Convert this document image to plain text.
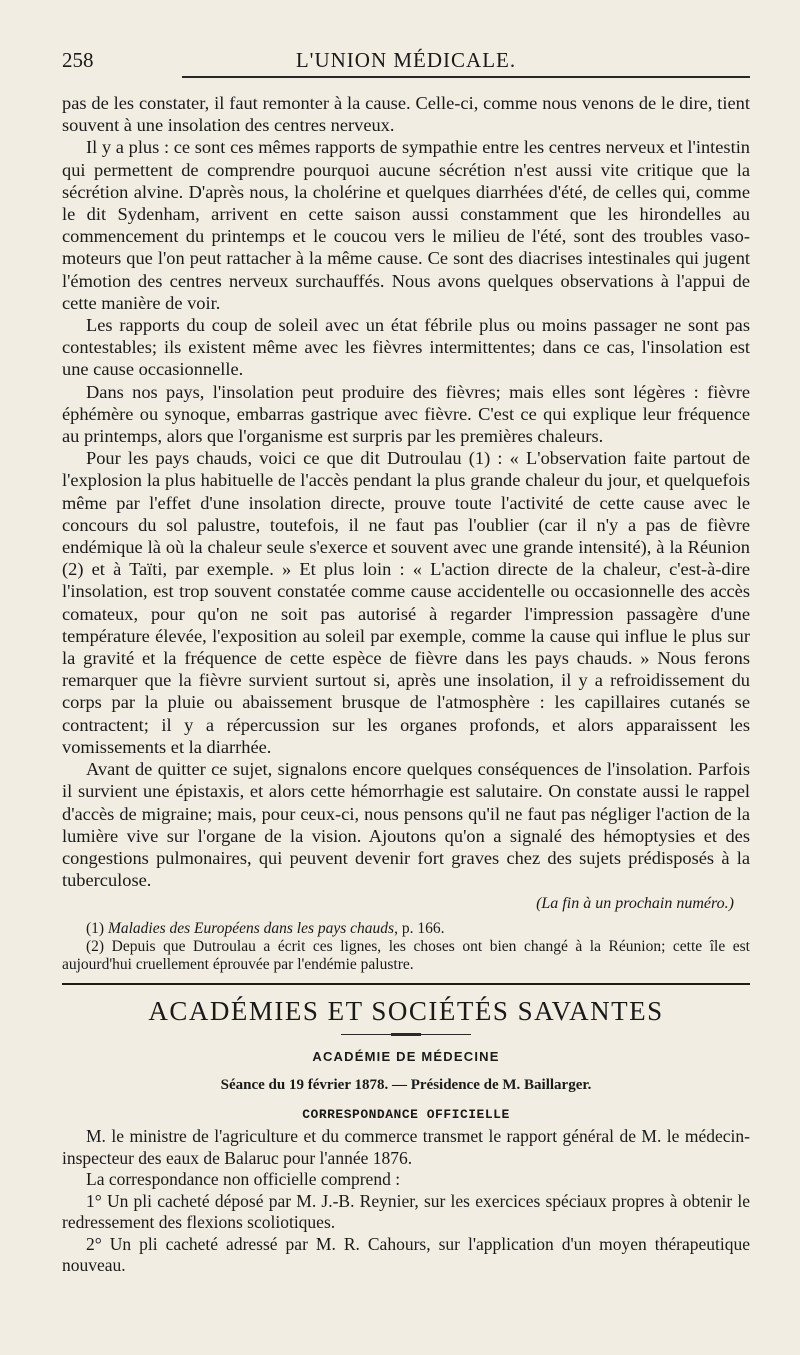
258	L'UNION MÉDICALE.

pas de les constater, il faut remonter à la cause. Celle-ci, comme nous venons de le dire, tient souvent à une insolation des centres nerveux.

Il y a plus : ce sont ces mêmes rapports de sympathie entre les centres nerveux et l'intestin qui permettent de comprendre pourquoi aucune sécrétion n'est aussi vite critique que la sécrétion alvine. D'après nous, la cholérine et quelques diarrhées d'été, de celles qui, comme le dit Sydenham, arrivent en cette saison aussi constamment que les hirondelles au commencement du printemps et le coucou vers le milieu de l'été, sont des troubles vaso-moteurs que l'on peut rattacher à la même cause. Ce sont des diacrises intestinales qui jugent l'émotion des centres nerveux surchauffés. Nous avons quelques observations à l'appui de cette manière de voir.

Les rapports du coup de soleil avec un état fébrile plus ou moins passager ne sont pas contestables; ils existent même avec les fièvres intermittentes; dans ce cas, l'insolation est une cause occasionnelle.

Dans nos pays, l'insolation peut produire des fièvres; mais elles sont légères : fièvre éphémère ou synoque, embarras gastrique avec fièvre. C'est ce qui explique leur fréquence au printemps, alors que l'organisme est surpris par les premières chaleurs.

Pour les pays chauds, voici ce que dit Dutroulau (1) : « L'observation faite partout de l'explosion la plus habituelle de l'accès pendant la plus grande chaleur du jour, et quelquefois même par l'effet d'une insolation directe, prouve toute l'activité de cette cause avec le concours du sol palustre, toutefois, il ne faut pas l'oublier (car il n'y a pas de fièvre endémique là où la chaleur seule s'exerce et souvent avec une grande intensité), à la Réunion (2) et à Taïti, par exemple. » Et plus loin : « L'action directe de la chaleur, c'est-à-dire l'insolation, est trop souvent constatée comme cause accidentelle ou occasionnelle des accès comateux, pour qu'on ne soit pas autorisé à regarder l'impression passagère d'une température élevée, l'exposition au soleil par exemple, comme la cause qui influe le plus sur la gravité et la fréquence de cette espèce de fièvre dans les pays chauds. » Nous ferons remarquer que la fièvre survient surtout si, après une insolation, il y a refroidissement du corps par la pluie ou abaissement brusque de l'atmosphère : les capillaires cutanés se contractent; il y a répercussion sur les organes profonds, et alors apparaissent les vomissements et la diarrhée.

Avant de quitter ce sujet, signalons encore quelques conséquences de l'insolation. Parfois il survient une épistaxis, et alors cette hémorrhagie est salutaire. On constate aussi le rappel d'accès de migraine; mais, pour ceux-ci, nous pensons qu'il ne faut pas négliger l'action de la lumière vive sur l'organe de la vision. Ajoutons qu'on a signalé des hémoptysies et des congestions pulmonaires, qui peuvent devenir fort graves chez des sujets prédisposés à la tuberculose.

(La fin à un prochain numéro.)
(1) Maladies des Européens dans les pays chauds, p. 166.
(2) Depuis que Dutroulau a écrit ces lignes, les choses ont bien changé à la Réunion; cette île est aujourd'hui cruellement éprouvée par l'endémie palustre.
ACADÉMIES ET SOCIÉTÉS SAVANTES
ACADÉMIE DE MÉDECINE
Séance du 19 février 1878. — Présidence de M. Baillarger.
CORRESPONDANCE OFFICIELLE

M. le ministre de l'agriculture et du commerce transmet le rapport général de M. le médecin-inspecteur des eaux de Balaruc pour l'année 1876.

La correspondance non officielle comprend :

1° Un pli cacheté déposé par M. J.-B. Reynier, sur les exercices spéciaux propres à obtenir le redressement des flexions scoliotiques.

2° Un pli cacheté adressé par M. R. Cahours, sur l'application d'un moyen thérapeutique nouveau.
